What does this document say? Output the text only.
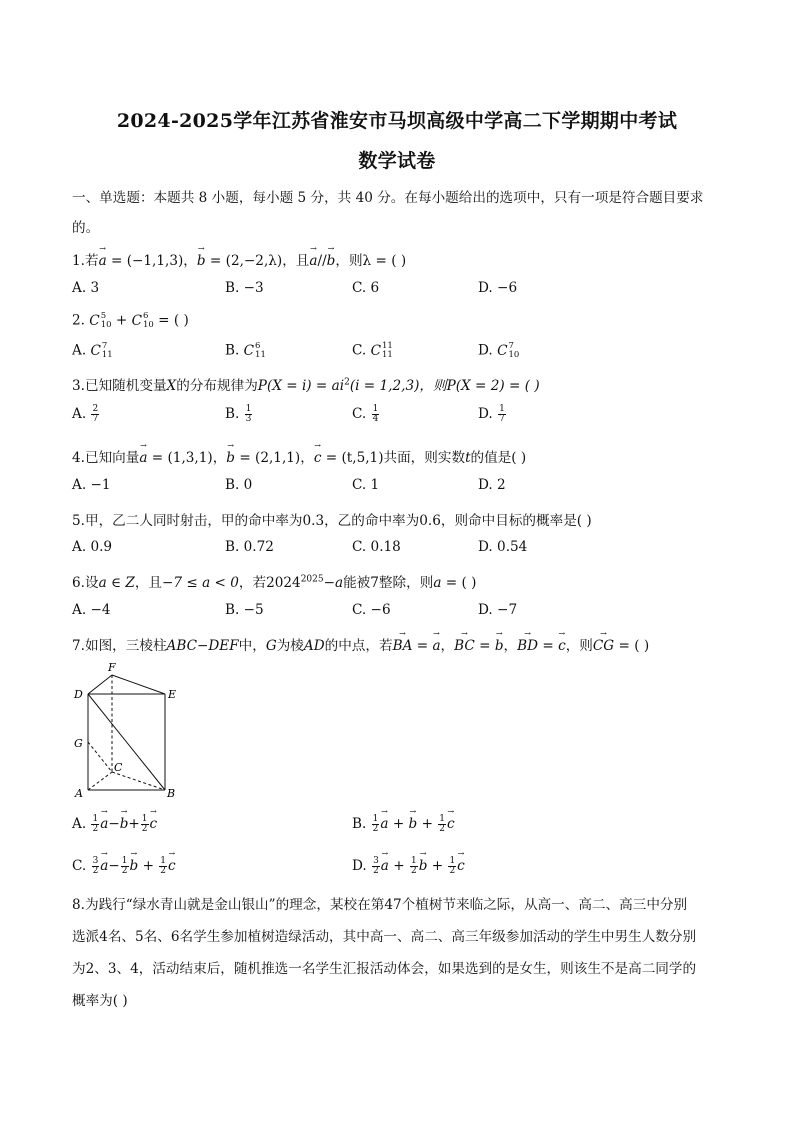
2024-2025学年江苏省淮安市马坝高级中学高二下学期期中考试
数学试卷
一、单选题：本题共 8 小题，每小题 5 分，共 40 分。在每小题给出的选项中，只有一项是符合题目要求
的。
1.若→ a = (−1,1,3)，→ b = (2,−2,λ)，且→ a//→ b，则λ = ( )
A. 3	B. −3	C. 6	D. −6
2. C 5
10 + C 6
10 = ( )
A. C 7
11	B. C 6
11	C. C 11
11	D. C 7
10
3.已知随机变量X的分布规律为$P(X = i) = ai^2(i = 1,2,3)$，则P(X = 2) = ( )
A. $\frac{2}{7}$	B. $\frac{1}{3}$	C. $\frac{1}{4}$	D. $\frac{1}{7}$
4.已知向量→ a = (1,3,1)，→ b = (2,1,1)，→ c = (t,5,1)共面，则实数t的值是( )
A. −1	B. 0	C. 1	D. 2
5.甲，乙二人同时射击，甲的命中率为0.3，乙的命中率为0.6，则命中目标的概率是( )
A. 0.9	B. 0.72	C. 0.18	D. 0.54
6.设a ∈ Z，且−7 ≤ a < 0，若$2024^{2025}-a$能被7整除，则a = ( )
A. −4	B. −5	C. −6	D. −7
7.如图，三棱柱ABC−DEF中，G为棱AD的中点，若→ BA = → a，→ BC = → b，→ BD = → c，则→ CG = ( )
F
D	E
G
C
A	B
A. $\frac{1}{2}$
→ $a-\to b+ \frac{1}{2}$
→ c	B. $\frac{1}{2}$
→ a + → $b + \frac{1}{2}$
→ c
C. $\frac{3}{2}$
→ $a- \frac{1}{2}$
→ $b + \frac{1}{2}$
→ c	D. $\frac{3}{2}$
→ $a + \frac{1}{2}$
→ $b + \frac{1}{2}$
→ c
8.为践行“绿水青山就是金山银山”的理念，某校在第47个植树节来临之际，从高一、高二、高三中分别
选派4名、5名、6名学生参加植树造绿活动，其中高一、高二、高三年级参加活动的学生中男生人数分别
为2、3、4，活动结束后，随机推选一名学生汇报活动体会，如果选到的是女生，则该生不是高二同学的
概率为( )
